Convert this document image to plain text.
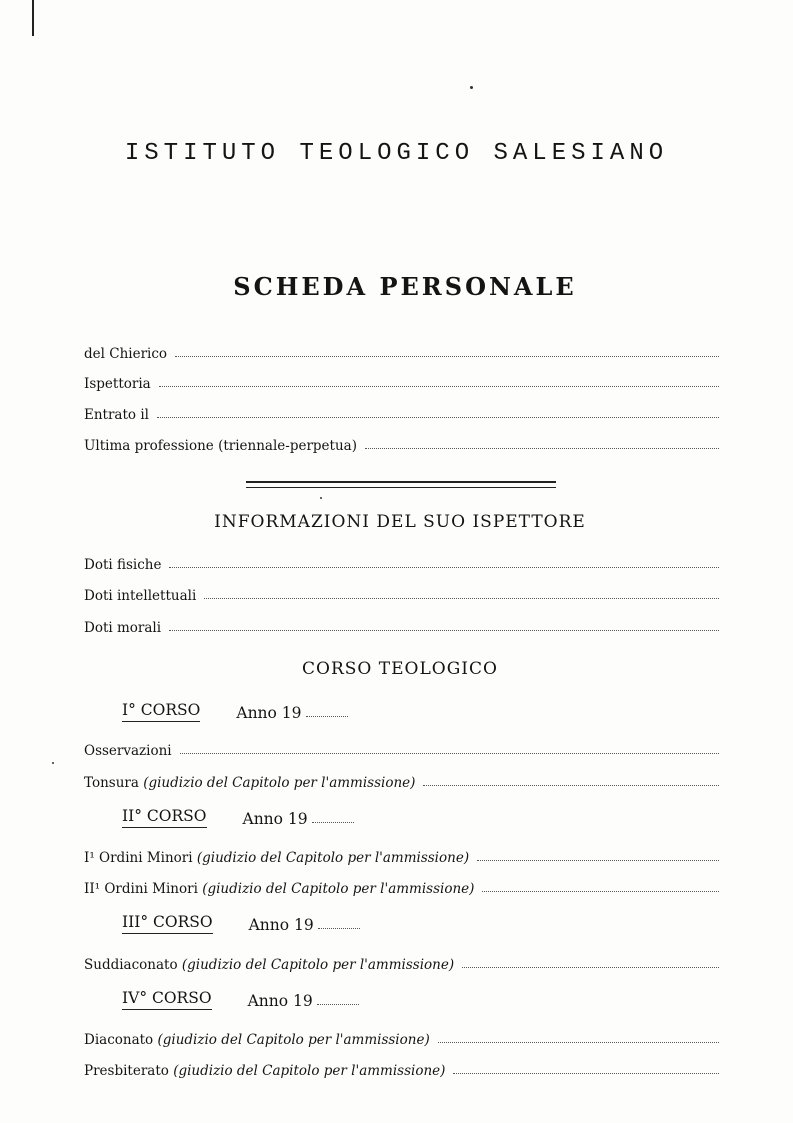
ISTITUTO TEOLOGICO SALESIANO
SCHEDA PERSONALE
del Chierico
Ispettoria
Entrato il
Ultima professione (triennale-perpetua)
INFORMAZIONI DEL SUO ISPETTORE
Doti fisiche
Doti intellettuali
Doti morali
CORSO TEOLOGICO
I° CORSO Anno 19
Osservazioni
Tonsura (giudizio del Capitolo per l'ammissione)
II° CORSO Anno 19
I¹ Ordini Minori (giudizio del Capitolo per l'ammissione)
II¹ Ordini Minori (giudizio del Capitolo per l'ammissione)
III° CORSO Anno 19
Suddiaconato (giudizio del Capitolo per l'ammissione)
IV° CORSO Anno 19
Diaconato (giudizio del Capitolo per l'ammissione)
Presbiterato (giudizio del Capitolo per l'ammissione)
